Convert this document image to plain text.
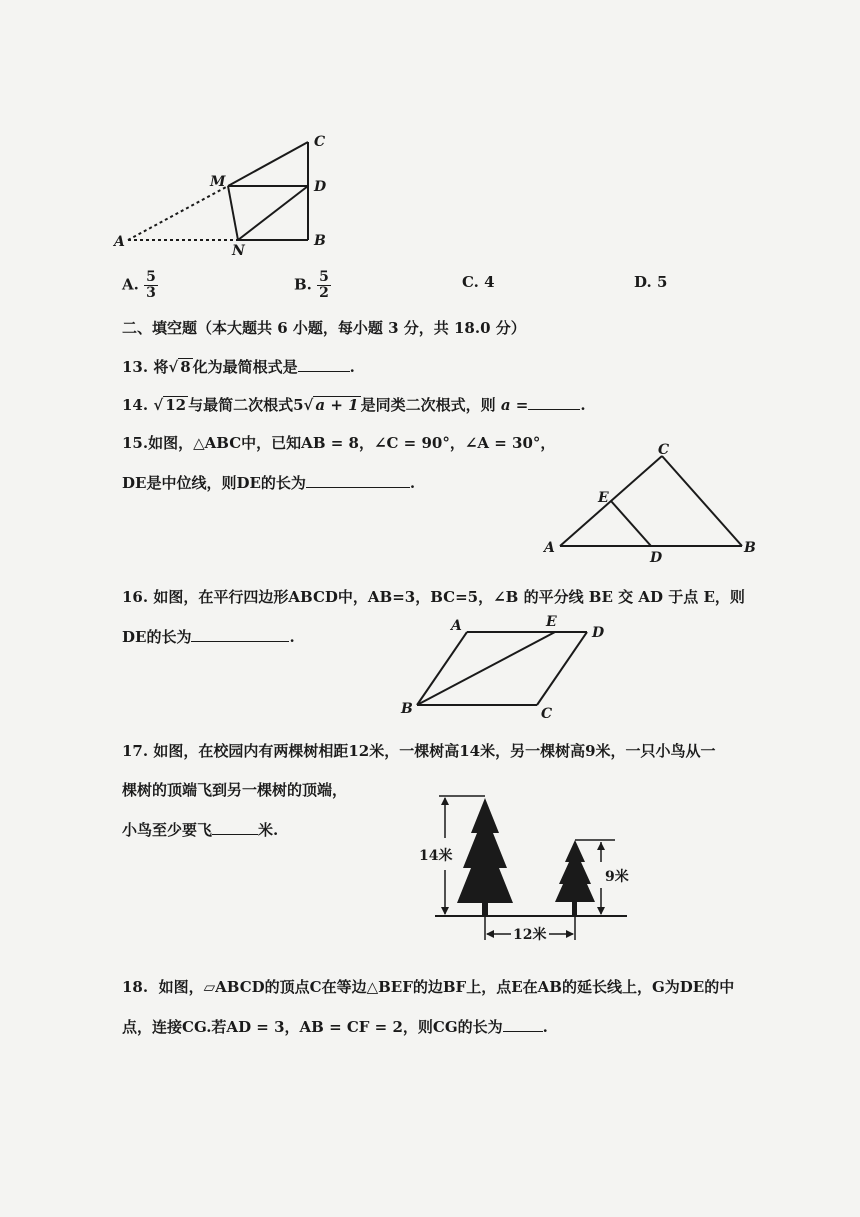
C
M	D
A
N
B
A. $\frac{5}{3}$	B. $\frac{5}{2}$	C. 4	D. 5
二、填空题（本大题共 6 小题，每小题 3 分，共 18.0 分）
13. 将√ 8 化为最简根式是	.
14. √ 12 与最简二次根式5√ a + 1 是同类二次根式，则 a =	.
15.如图，△ABC中，已知AB = 8，∠C = 90°，∠A = 30°，
DE是中位线，则DE的长为	.
C
E
A
D
B
16. 如图，在平行四边形ABCD中，AB=3，BC=5，∠B 的平分线 BE 交 AD 于点 E，则
DE的长为	.
A	E
D
B	C
17. 如图，在校园内有两棵树相距12米，一棵树高14米，另一棵树高9米，一只小鸟从一
棵树的顶端飞到另一棵树的顶端，
小鸟至少要飞	米.
14米
9米
12米
18. 如图，▱ABCD的顶点C在等边△BEF的边BF上，点E在AB的延长线上，G为DE的中
点，连接CG.若AD = 3，AB = CF = 2，则CG的长为	.
